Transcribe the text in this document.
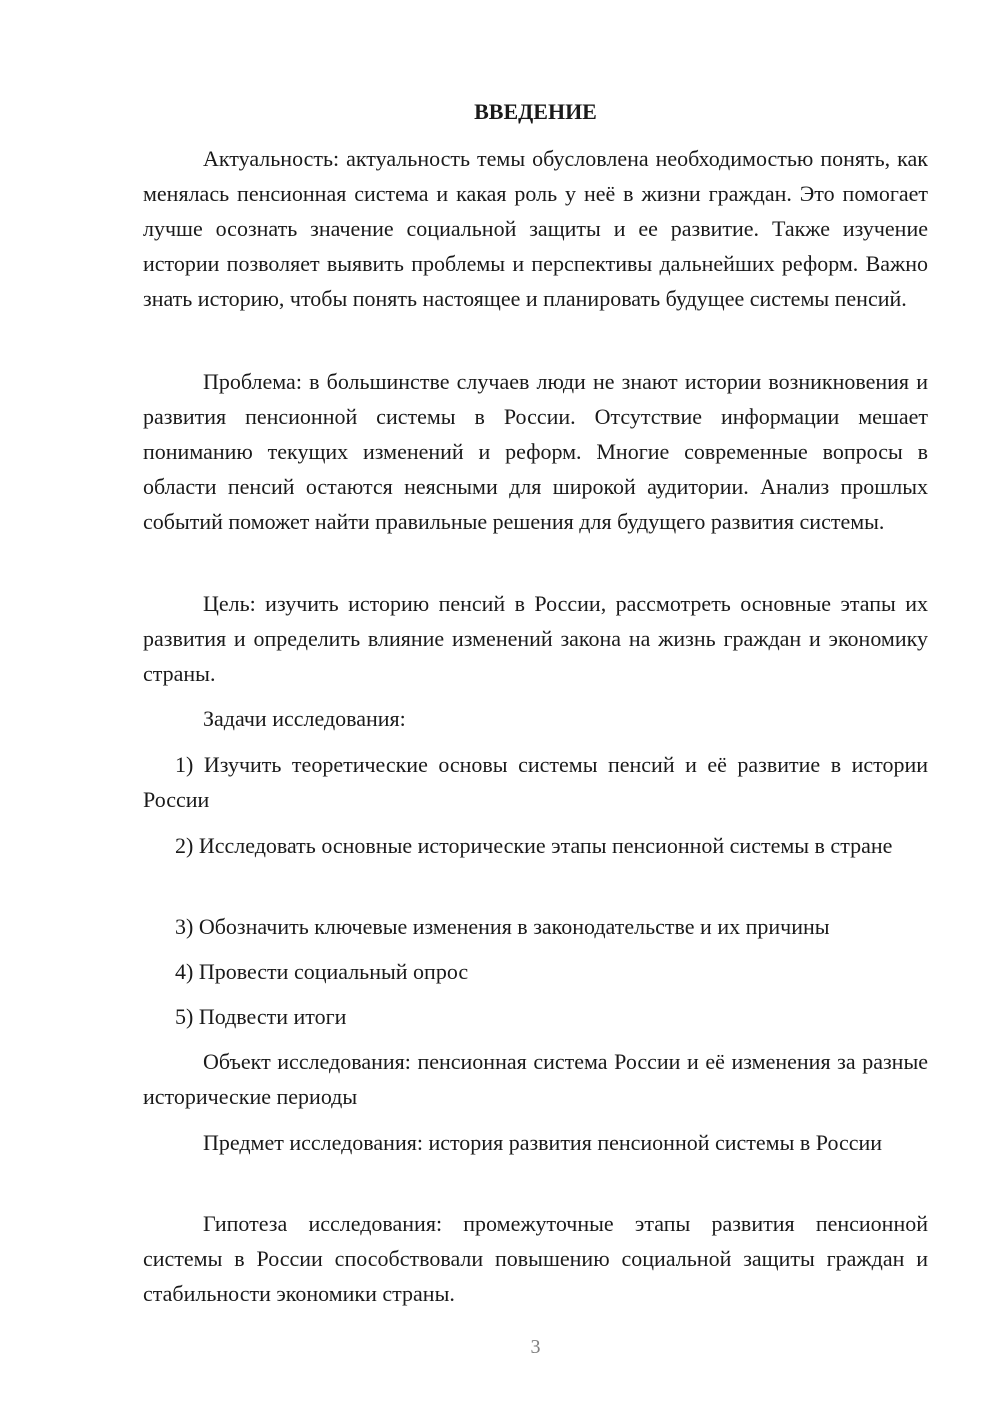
ВВЕДЕНИЕ

Актуальность: актуальность темы обусловлена необходимостью понять, как менялась пенсионная система и какая роль у неё в жизни граждан. Это помогает лучше осознать значение социальной защиты и ее развитие. Также изучение истории позволяет выявить проблемы и перспективы дальнейших реформ. Важно знать историю, чтобы понять настоящее и планировать будущее системы пенсий.

Проблема: в большинстве случаев люди не знают истории возникновения и развития пенсионной системы в России. Отсутствие информации мешает пониманию текущих изменений и реформ. Многие современные вопросы в области пенсий остаются неясными для широкой аудитории. Анализ прошлых событий поможет найти правильные решения для будущего развития системы.

Цель: изучить историю пенсий в России, рассмотреть основные этапы их развития и определить влияние изменений закона на жизнь граждан и экономику страны.

Задачи исследования:

1) Изучить теоретические основы системы пенсий и её развитие в истории России

2) Исследовать основные исторические этапы пенсионной системы в стране

3) Обозначить ключевые изменения в законодательстве и их причины

4) Провести социальный опрос

5) Подвести итоги

Объект исследования: пенсионная система России и её изменения за разные исторические периоды

Предмет исследования: история развития пенсионной системы в России

Гипотеза исследования: промежуточные этапы развития пенсионной системы в России способствовали повышению социальной защиты граждан и стабильности экономики страны.

3
